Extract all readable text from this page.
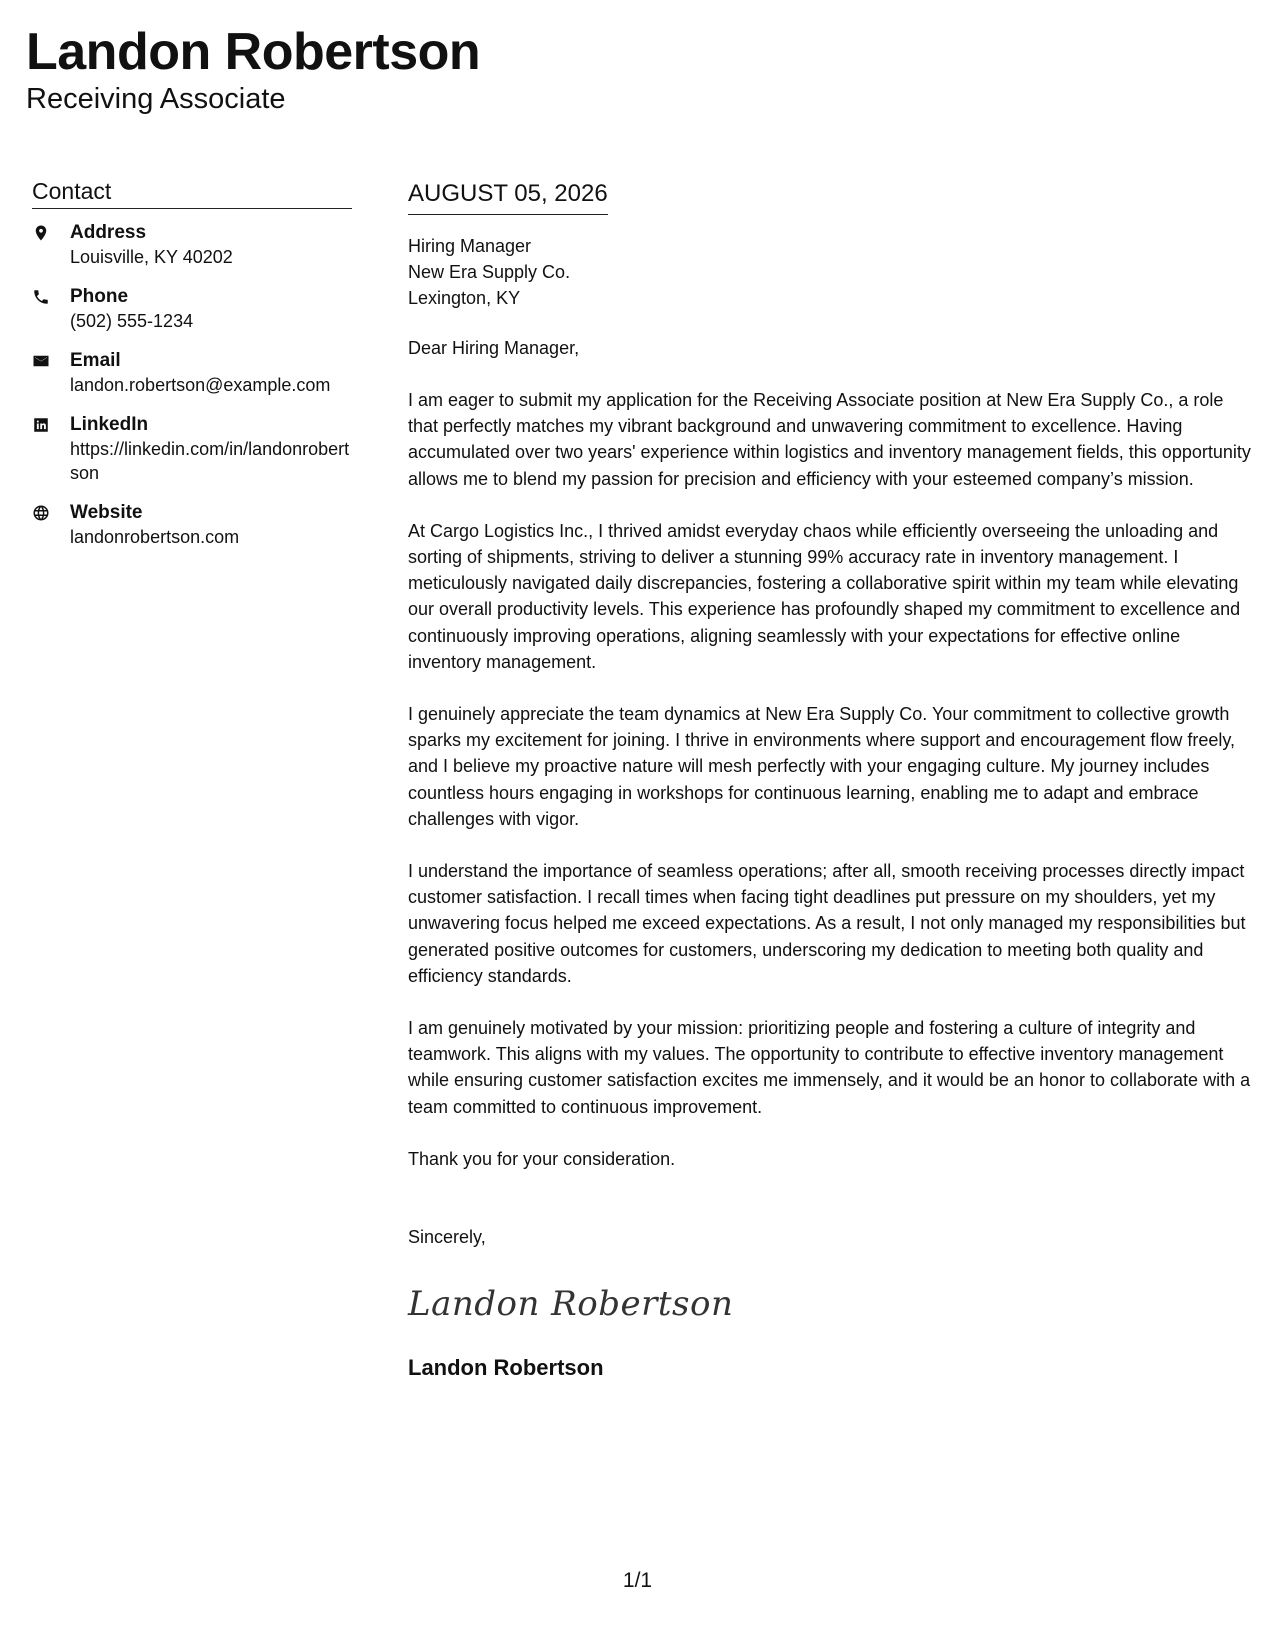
Landon Robertson
Receiving Associate
Contact
Address
Louisville, KY 40202
Phone
(502) 555-1234
Email
landon.robertson@example.com
LinkedIn
https://linkedin.com/in/landonrobertson
Website
landonrobertson.com
AUGUST 05, 2026
Hiring Manager
New Era Supply Co.
Lexington, KY
Dear Hiring Manager,
I am eager to submit my application for the Receiving Associate position at New Era Supply Co., a role that perfectly matches my vibrant background and unwavering commitment to excellence. Having accumulated over two years' experience within logistics and inventory management fields, this opportunity allows me to blend my passion for precision and efficiency with your esteemed company’s mission.
At Cargo Logistics Inc., I thrived amidst everyday chaos while efficiently overseeing the unloading and sorting of shipments, striving to deliver a stunning 99% accuracy rate in inventory management. I meticulously navigated daily discrepancies, fostering a collaborative spirit within my team while elevating our overall productivity levels. This experience has profoundly shaped my commitment to excellence and continuously improving operations, aligning seamlessly with your expectations for effective online inventory management.
I genuinely appreciate the team dynamics at New Era Supply Co. Your commitment to collective growth sparks my excitement for joining. I thrive in environments where support and encouragement flow freely, and I believe my proactive nature will mesh perfectly with your engaging culture. My journey includes countless hours engaging in workshops for continuous learning, enabling me to adapt and embrace challenges with vigor.
I understand the importance of seamless operations; after all, smooth receiving processes directly impact customer satisfaction. I recall times when facing tight deadlines put pressure on my shoulders, yet my unwavering focus helped me exceed expectations. As a result, I not only managed my responsibilities but generated positive outcomes for customers, underscoring my dedication to meeting both quality and efficiency standards.
I am genuinely motivated by your mission: prioritizing people and fostering a culture of integrity and teamwork. This aligns with my values. The opportunity to contribute to effective inventory management while ensuring customer satisfaction excites me immensely, and it would be an honor to collaborate with a team committed to continuous improvement.
Thank you for your consideration.
Sincerely,
Landon Robertson
Landon Robertson
1/1
